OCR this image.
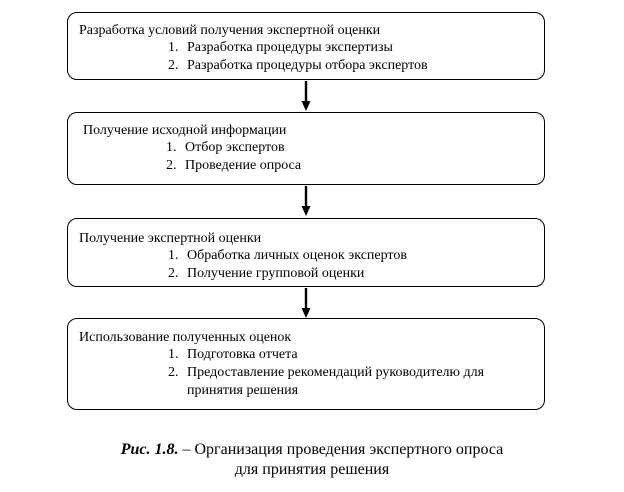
Разработка условий получения экспертной оценки
1. Разработка процедуры экспертизы
2. Разработка процедуры отбора экспертов
Получение исходной информации
1. Отбор экспертов
2. Проведение опроса
Получение экспертной оценки
1. Обработка личных оценок экспертов
2. Получение групповой оценки
Использование полученных оценок
1. Подготовка отчета
2. Предоставление рекомендаций руководителю для принятия решения
Рис. 1.8. – Организация проведения экспертного опроса
для принятия решения
